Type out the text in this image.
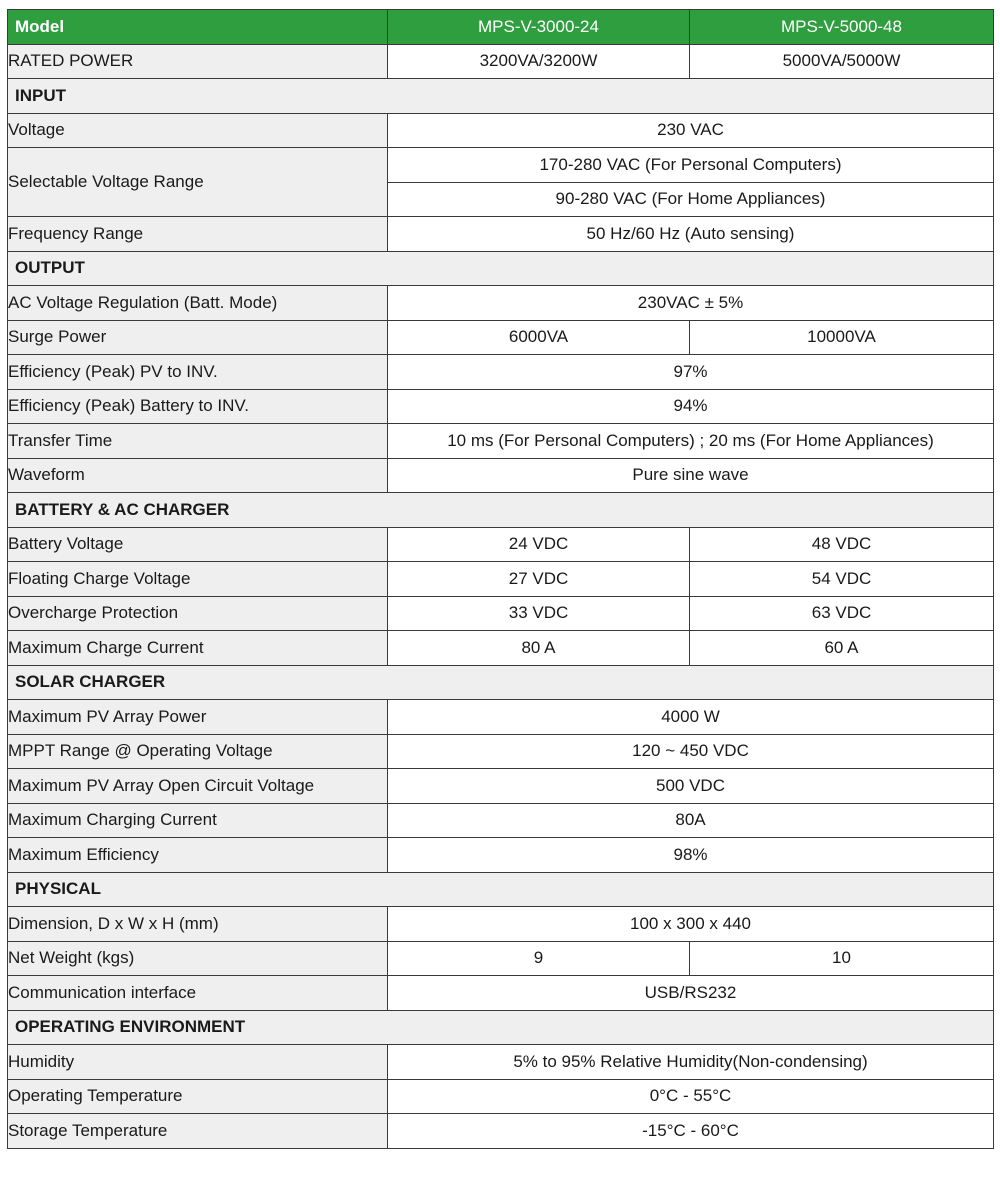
Model	MPS-V-3000-24	MPS-V-5000-48
RATED POWER	3200VA/3200W	5000VA/5000W
INPUT		
Voltage	230 VAC	
Selectable Voltage Range	170-280 VAC (For Personal Computers)	
	90-280 VAC (For Home Appliances)	
Frequency Range	50 Hz/60 Hz (Auto sensing)	
OUTPUT		
AC Voltage Regulation (Batt. Mode)	230VAC ± 5%	
Surge Power	6000VA	10000VA
Efficiency (Peak) PV to INV.	97%	
Efficiency (Peak) Battery to INV.	94%	
Transfer Time	10 ms (For Personal Computers) ; 20 ms (For Home Appliances)	
Waveform	Pure sine wave	
BATTERY & AC CHARGER		
Battery Voltage	24 VDC	48 VDC
Floating Charge Voltage	27 VDC	54 VDC
Overcharge Protection	33 VDC	63 VDC
Maximum Charge Current	80 A	60 A
SOLAR CHARGER		
Maximum PV Array Power	4000 W	
MPPT Range @ Operating Voltage	120 ~ 450 VDC	
Maximum PV Array Open Circuit Voltage	500 VDC	
Maximum Charging Current	80A	
Maximum Efficiency	98%	
PHYSICAL		
Dimension, D x W x H (mm)	100 x 300 x 440	
Net Weight (kgs)	9	10
Communication interface	USB/RS232	
OPERATING ENVIRONMENT		
Humidity	5% to 95% Relative Humidity(Non-condensing)	
Operating Temperature	0°C - 55°C	
Storage Temperature	-15°C - 60°C	
